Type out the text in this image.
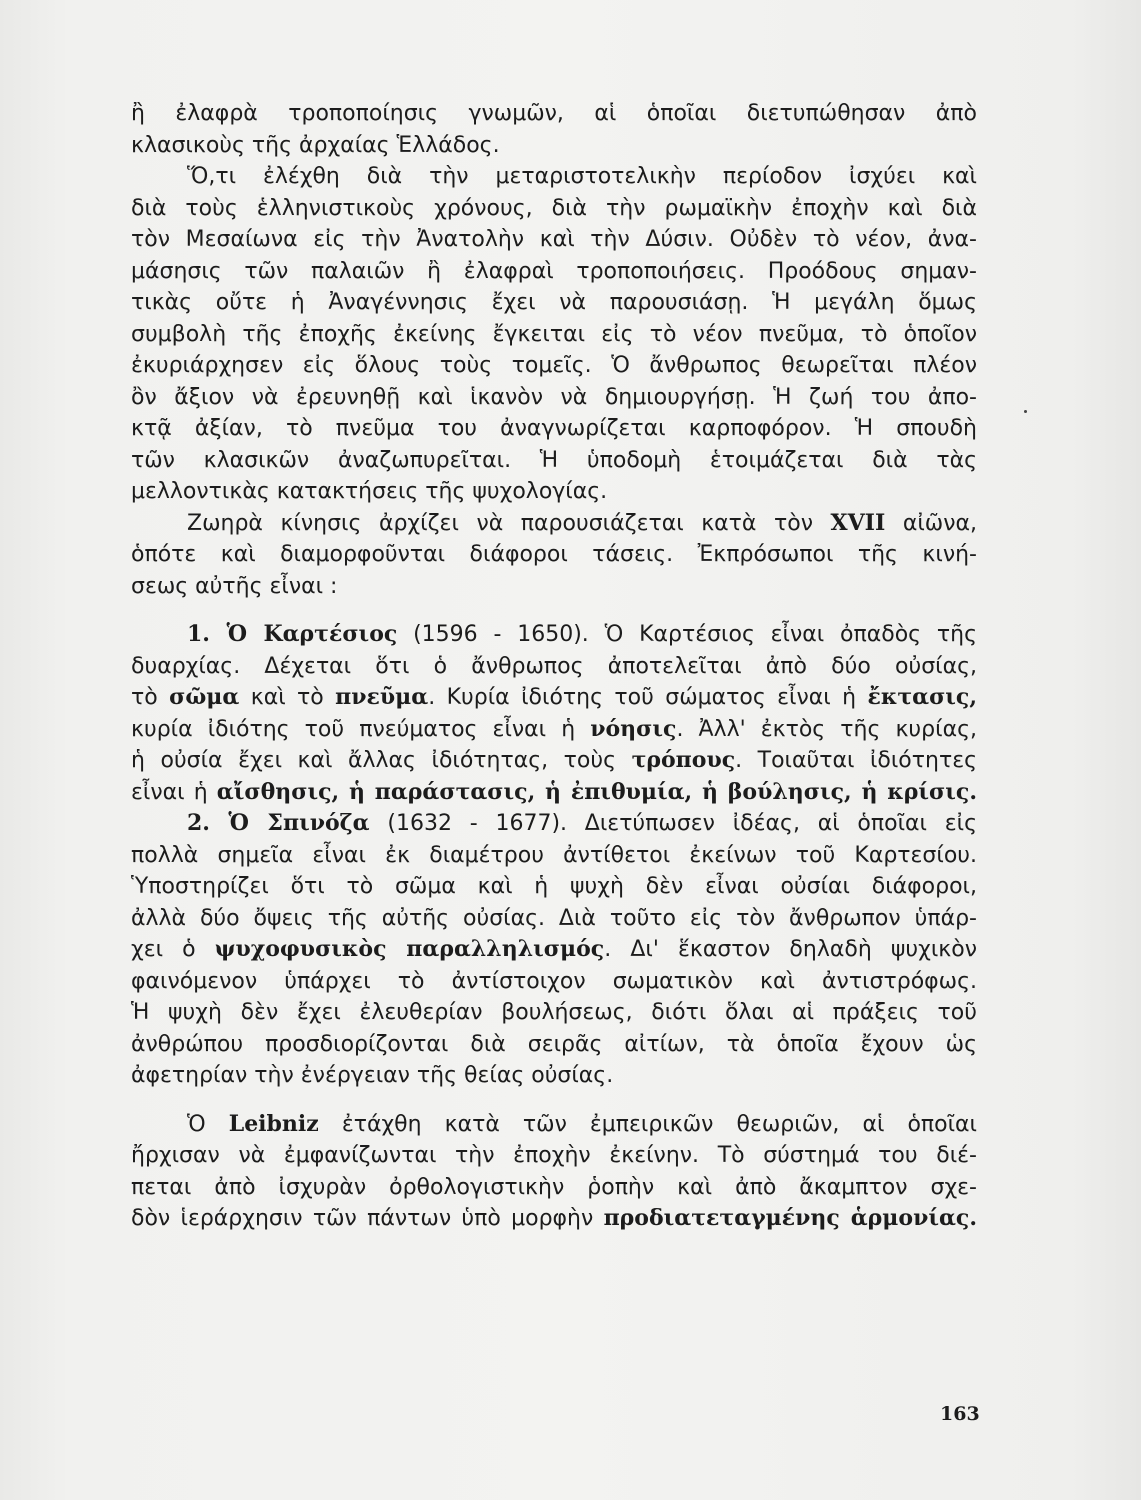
ἢ ἐλαφρὰ τροποποίησις γνωμῶν, αἱ ὁποῖαι διετυπώθησαν ἀπὸ
κλασικοὺς τῆς ἀρχαίας Ἑλλάδος.
Ὅ,τι ἐλέχθη διὰ τὴν μεταριστοτελικὴν περίοδον ἰσχύει καὶ
διὰ τοὺς ἑλληνιστικοὺς χρόνους, διὰ τὴν ρωμαϊκὴν ἐποχὴν καὶ διὰ
τὸν Μεσαίωνα εἰς τὴν Ἀνατολὴν καὶ τὴν Δύσιν. Οὐδὲν τὸ νέον, ἀνα-
μάσησις τῶν παλαιῶν ἢ ἐλαφραὶ τροποποιήσεις. Προόδους σημαν-
τικὰς οὔτε ἡ Ἀναγέννησις ἔχει νὰ παρουσιάσῃ. Ἡ μεγάλη ὅμως
συμβολὴ τῆς ἐποχῆς ἐκείνης ἔγκειται εἰς τὸ νέον πνεῦμα, τὸ ὁποῖον
ἐκυριάρχησεν εἰς ὅλους τοὺς τομεῖς. Ὁ ἄνθρωπος θεωρεῖται πλέον
ὂν ἄξιον νὰ ἐρευνηθῇ καὶ ἱκανὸν νὰ δημιουργήσῃ. Ἡ ζωή του ἀπο-
κτᾷ ἀξίαν, τὸ πνεῦμα του ἀναγνωρίζεται καρποφόρον. Ἡ σπουδὴ
τῶν κλασικῶν ἀναζωπυρεῖται. Ἡ ὑποδομὴ ἑτοιμάζεται διὰ τὰς
μελλοντικὰς κατακτήσεις τῆς ψυχολογίας.
Ζωηρὰ κίνησις ἀρχίζει νὰ παρουσιάζεται κατὰ τὸν XVII αἰῶνα,
ὁπότε καὶ διαμορφοῦνται διάφοροι τάσεις. Ἐκπρόσωποι τῆς κινή-
σεως αὐτῆς εἶναι :
1. Ὁ Καρτέσιος (1596 - 1650). Ὁ Καρτέσιος εἶναι ὀπαδὸς τῆς
δυαρχίας. Δέχεται ὅτι ὁ ἄνθρωπος ἀποτελεῖται ἀπὸ δύο οὐσίας,
τὸ σῶμα καὶ τὸ πνεῦμα. Κυρία ἰδιότης τοῦ σώματος εἶναι ἡ ἔκτασις,
κυρία ἰδιότης τοῦ πνεύματος εἶναι ἡ νόησις. Ἀλλ' ἐκτὸς τῆς κυρίας,
ἡ οὐσία ἔχει καὶ ἄλλας ἰδιότητας, τοὺς τρόπους. Τοιαῦται ἰδιότητες
εἶναι ἡ αἴσθησις, ἡ παράστασις, ἡ ἐπιθυμία, ἡ βούλησις, ἡ κρίσις.
2. Ὁ Σπινόζα (1632 - 1677). Διετύπωσεν ἰδέας, αἱ ὁποῖαι εἰς
πολλὰ σημεῖα εἶναι ἐκ διαμέτρου ἀντίθετοι ἐκείνων τοῦ Καρτεσίου.
Ὑποστηρίζει ὅτι τὸ σῶμα καὶ ἡ ψυχὴ δὲν εἶναι οὐσίαι διάφοροι,
ἀλλὰ δύο ὄψεις τῆς αὐτῆς οὐσίας. Διὰ τοῦτο εἰς τὸν ἄνθρωπον ὑπάρ-
χει ὁ ψυχοφυσικὸς παραλληλισμός. Δι' ἕκαστον δηλαδὴ ψυχικὸν
φαινόμενον ὑπάρχει τὸ ἀντίστοιχον σωματικὸν καὶ ἀντιστρόφως.
Ἡ ψυχὴ δὲν ἔχει ἐλευθερίαν βουλήσεως, διότι ὅλαι αἱ πράξεις τοῦ
ἀνθρώπου προσδιορίζονται διὰ σειρᾶς αἰτίων, τὰ ὁποῖα ἔχουν ὡς
ἀφετηρίαν τὴν ἐνέργειαν τῆς θείας οὐσίας.
Ὁ Leibniz ἐτάχθη κατὰ τῶν ἐμπειρικῶν θεωριῶν, αἱ ὁποῖαι
ἤρχισαν νὰ ἐμφανίζωνται τὴν ἐποχὴν ἐκείνην. Τὸ σύστημά του διέ-
πεται ἀπὸ ἰσχυρὰν ὀρθολογιστικὴν ῥοπὴν καὶ ἀπὸ ἄκαμπτον σχε-
δὸν ἱεράρχησιν τῶν πάντων ὑπὸ μορφὴν προδιατεταγμένης ἁρμονίας.
163
